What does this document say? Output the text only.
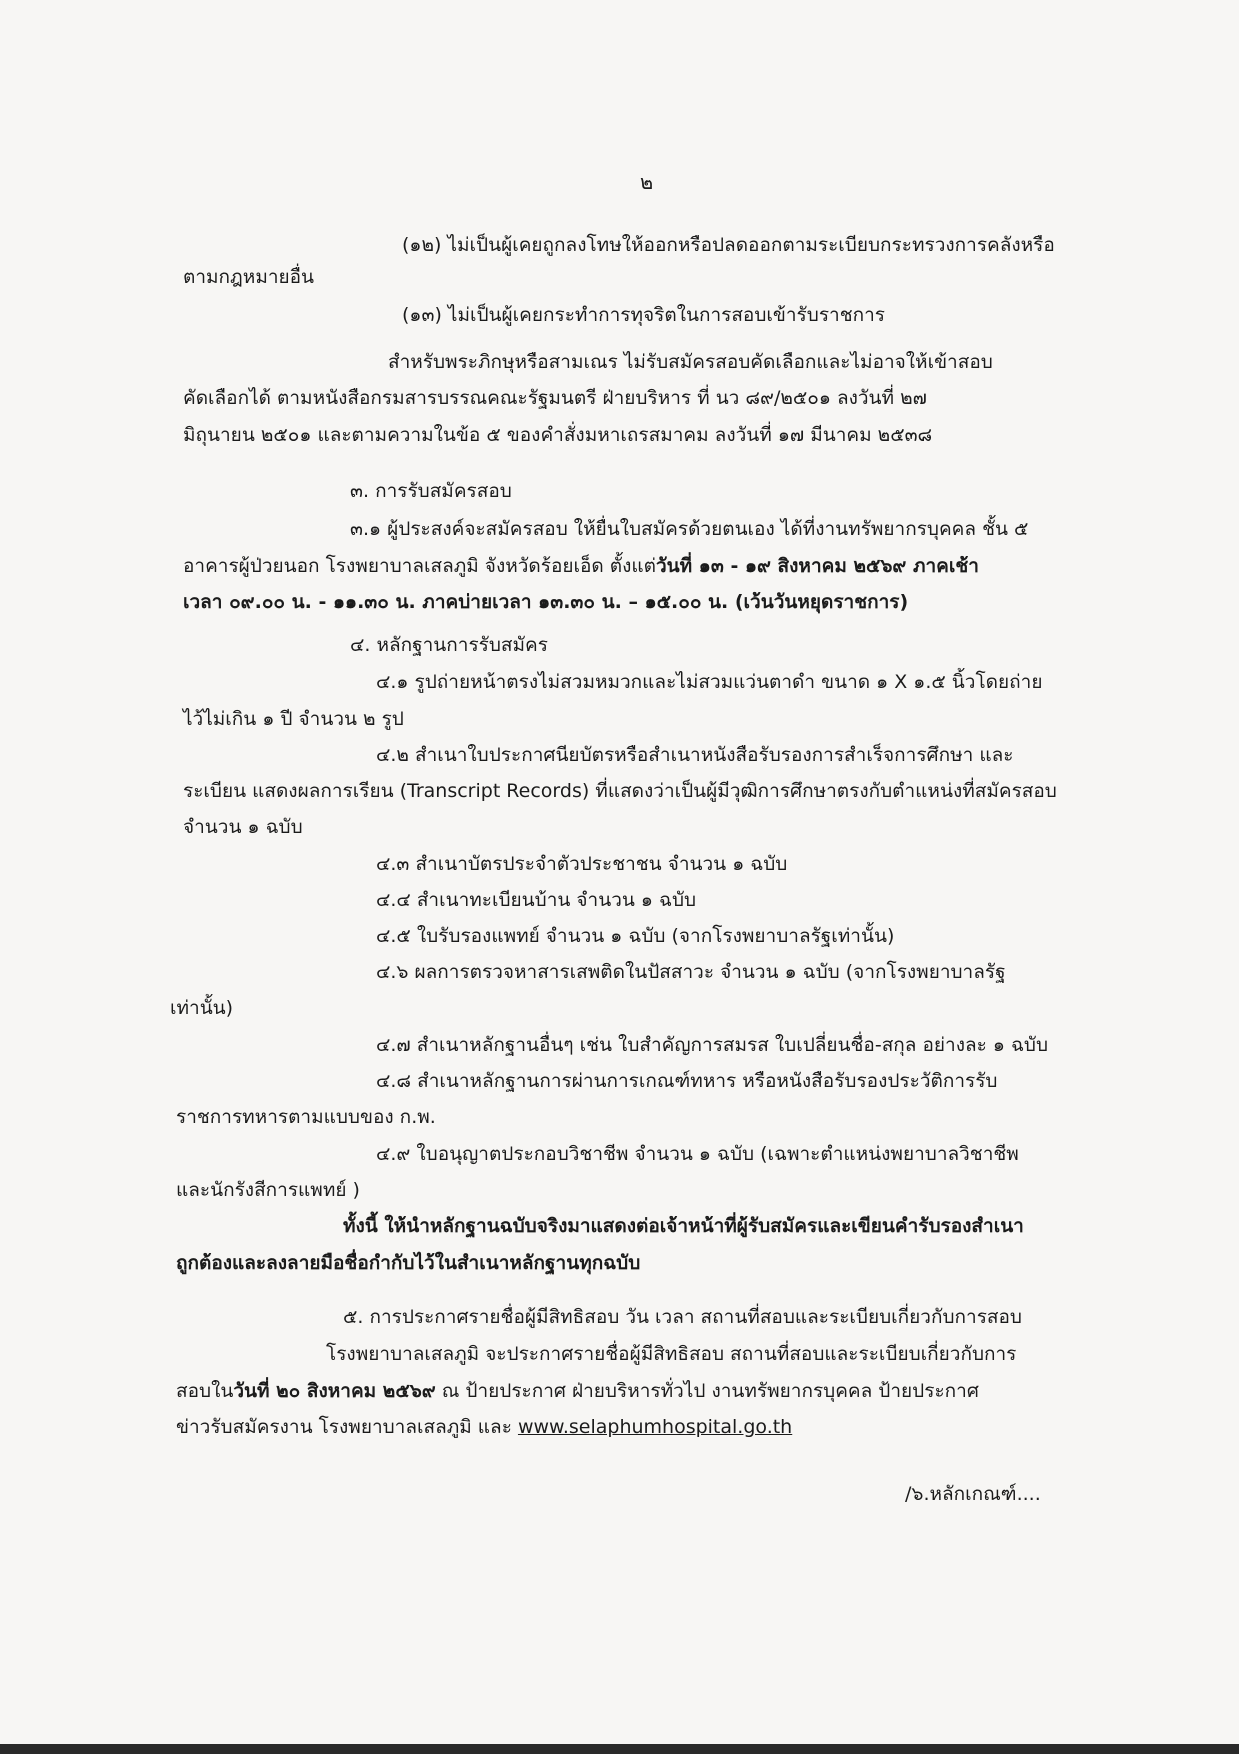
๒

(๑๒) ไม่เป็นผู้เคยถูกลงโทษให้ออกหรือปลดออกตามระเบียบกระทรวงการคลังหรือ

ตามกฎหมายอื่น

(๑๓) ไม่เป็นผู้เคยกระทำการทุจริตในการสอบเข้ารับราชการ

สำหรับพระภิกษุหรือสามเณร ไม่รับสมัครสอบคัดเลือกและไม่อาจให้เข้าสอบ

คัดเลือกได้ ตามหนังสือกรมสารบรรณคณะรัฐมนตรี ฝ่ายบริหาร ที่ นว ๘๙/๒๕๐๑ ลงวันที่ ๒๗

มิถุนายน ๒๕๐๑ และตามความในข้อ ๕ ของคำสั่งมหาเถรสมาคม ลงวันที่ ๑๗ มีนาคม ๒๕๓๘

๓. การรับสมัครสอบ

๓.๑ ผู้ประสงค์จะสมัครสอบ ให้ยื่นใบสมัครด้วยตนเอง ได้ที่งานทรัพยากรบุคคล ชั้น ๕

อาคารผู้ป่วยนอก โรงพยาบาลเสลภูมิ จังหวัดร้อยเอ็ด ตั้งแต่วันที่ ๑๓ - ๑๙ สิงหาคม ๒๕๖๙ ภาคเช้า

เวลา ๐๙.๐๐ น. - ๑๑.๓๐ น. ภาคบ่ายเวลา ๑๓.๓๐ น. – ๑๕.๐๐ น. (เว้นวันหยุดราชการ)

๔. หลักฐานการรับสมัคร

๔.๑ รูปถ่ายหน้าตรงไม่สวมหมวกและไม่สวมแว่นตาดำ ขนาด ๑ X ๑.๕ นิ้วโดยถ่าย

ไว้ไม่เกิน ๑ ปี จำนวน ๒ รูป

๔.๒ สำเนาใบประกาศนียบัตรหรือสำเนาหนังสือรับรองการสำเร็จการศึกษา และ

ระเบียน แสดงผลการเรียน (Transcript Records) ที่แสดงว่าเป็นผู้มีวุฒิการศึกษาตรงกับตำแหน่งที่สมัครสอบ

จำนวน ๑ ฉบับ

๔.๓ สำเนาบัตรประจำตัวประชาชน จำนวน ๑ ฉบับ

๔.๔ สำเนาทะเบียนบ้าน จำนวน ๑ ฉบับ

๔.๕ ใบรับรองแพทย์ จำนวน ๑ ฉบับ (จากโรงพยาบาลรัฐเท่านั้น)

๔.๖ ผลการตรวจหาสารเสพติดในปัสสาวะ จำนวน ๑ ฉบับ (จากโรงพยาบาลรัฐ

เท่านั้น)

๔.๗ สำเนาหลักฐานอื่นๆ เช่น ใบสำคัญการสมรส ใบเปลี่ยนชื่อ-สกุล อย่างละ ๑ ฉบับ

๔.๘ สำเนาหลักฐานการผ่านการเกณฑ์ทหาร หรือหนังสือรับรองประวัติการรับ

ราชการทหารตามแบบของ ก.พ.

๔.๙ ใบอนุญาตประกอบวิชาชีพ จำนวน ๑ ฉบับ (เฉพาะตำแหน่งพยาบาลวิชาชีพ

และนักรังสีการแพทย์ )

ทั้งนี้ ให้นำหลักฐานฉบับจริงมาแสดงต่อเจ้าหน้าที่ผู้รับสมัครและเขียนคำรับรองสำเนา

ถูกต้องและลงลายมือชื่อกำกับไว้ในสำเนาหลักฐานทุกฉบับ

๕. การประกาศรายชื่อผู้มีสิทธิสอบ วัน เวลา สถานที่สอบและระเบียบเกี่ยวกับการสอบ

โรงพยาบาลเสลภูมิ จะประกาศรายชื่อผู้มีสิทธิสอบ สถานที่สอบและระเบียบเกี่ยวกับการ

สอบในวันที่ ๒๐ สิงหาคม ๒๕๖๙ ณ ป้ายประกาศ ฝ่ายบริหารทั่วไป งานทรัพยากรบุคคล ป้ายประกาศ

ข่าวรับสมัครงาน โรงพยาบาลเสลภูมิ และ www.selaphumhospital.go.th

/๖.หลักเกณฑ์....
